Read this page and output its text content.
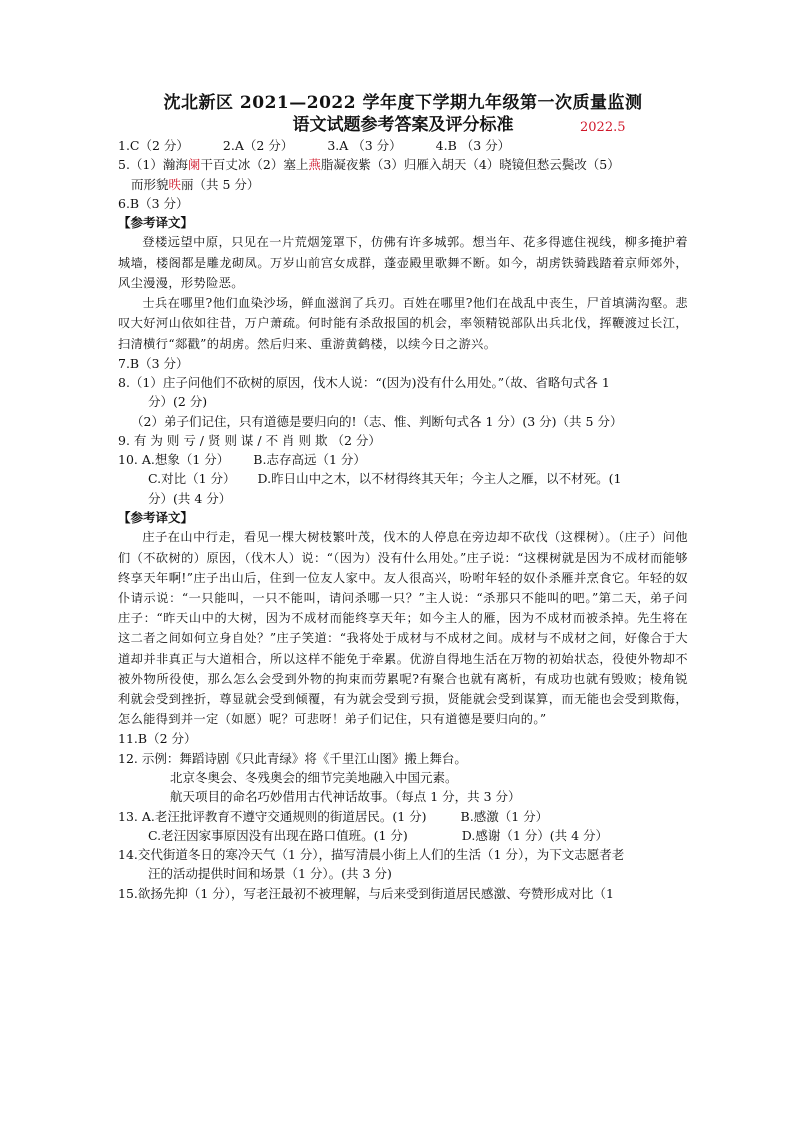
沈北新区 2021—2022 学年度下学期九年级第一次质量监测
语文试题参考答案及评分标准	2022.5
1.C（2 分）	2.A（2 分）	3.A （3 分）	4.B （3 分）
5.（1）瀚海阑干百丈冰（2）塞上燕脂凝夜紫（3）归雁入胡天（4）晓镜但愁云鬓改（5）
而形貌昳丽（共 5 分）
6.B（3 分）
【参考译文】
登楼远望中原，只见在一片荒烟笼罩下，仿佛有许多城郭。想当年、花多得遮住视线，柳多掩护着城墙，楼阁都是雕龙砌凤。万岁山前宫女成群，蓬壶殿里歌舞不断。如今，胡虏铁骑践踏着京师郊外，风尘漫漫，形势险恶。
士兵在哪里?他们血染沙场，鲜血滋润了兵刃。百姓在哪里?他们在战乱中丧生，尸首填满沟壑。悲叹大好河山依如往昔，万户萧疏。何时能有杀敌报国的机会，率领精锐部队出兵北伐，挥鞭渡过长江，扫清横行“郯戳”的胡虏。然后归来、重游黄鹤楼，以续今日之游兴。
7.B（3 分）
8.（1）庄子问他们不砍树的原因，伐木人说：“(因为)没有什么用处。”（故、省略句式各 1
分）(2 分)
（2）弟子们记住，只有道德是要归向的!（志、惟、判断句式各 1 分）(3 分)（共 5 分）
9. 有 为 则 亏 / 贤 则 谋 / 不 肖 则 欺 （2 分）
10. A.想象（1 分） B.志存高远（1 分）
C.对比（1 分） D.昨日山中之木，以不材得终其天年；今主人之雁，以不材死。(1
分）(共 4 分）
【参考译文】
庄子在山中行走，看见一棵大树枝繁叶茂，伐木的人停息在旁边却不砍伐（这棵树）。（庄子）问他们（不砍树的）原因，（伐木人）说：“（因为）没有什么用处。”庄子说：“这棵树就是因为不成材而能够终享天年啊!”庄子出山后，住到一位友人家中。友人很高兴，吩咐年轻的奴仆杀雁并烹食它。年轻的奴仆请示说：“一只能叫，一只不能叫，请问杀哪一只？”主人说：“杀那只不能叫的吧。”第二天，弟子问庄子：“昨天山中的大树，因为不成材而能终享天年；如今主人的雁，因为不成材而被杀掉。先生将在这二者之间如何立身自处？”庄子笑道：“我将处于成材与不成材之间。成材与不成材之间，好像合于大道却并非真正与大道相合，所以这样不能免于牵累。优游自得地生活在万物的初始状态，役使外物却不被外物所役使，那么怎么会受到外物的拘束而劳累呢?有聚合也就有离析，有成功也就有毁败；棱角锐利就会受到挫折，尊显就会受到倾覆，有为就会受到亏损，贤能就会受到谋算，而无能也会受到欺侮，怎么能得到并一定（如愿）呢？可悲呀！弟子们记住，只有道德是要归向的。”
11.B（2 分）
12. 示例：舞蹈诗剧《只此青绿》将《千里江山图》搬上舞台。
北京冬奥会、冬残奥会的细节完美地融入中国元素。
航天项目的命名巧妙借用古代神话故事。（每点 1 分，共 3 分）
13. A.老汪批评教育不遵守交通规则的街道居民。(1 分)	B.感激（1 分）
C.老汪因家事原因没有出现在路口值班。(1 分)	D.感谢（1 分）(共 4 分）
14.交代街道冬日的寒冷天气（1 分），描写清晨小街上人们的生活（1 分），为下文志愿者老
汪的活动提供时间和场景（1 分）。(共 3 分)
15.欲扬先抑（1 分），写老汪最初不被理解，与后来受到街道居民感激、夸赞形成对比（1
